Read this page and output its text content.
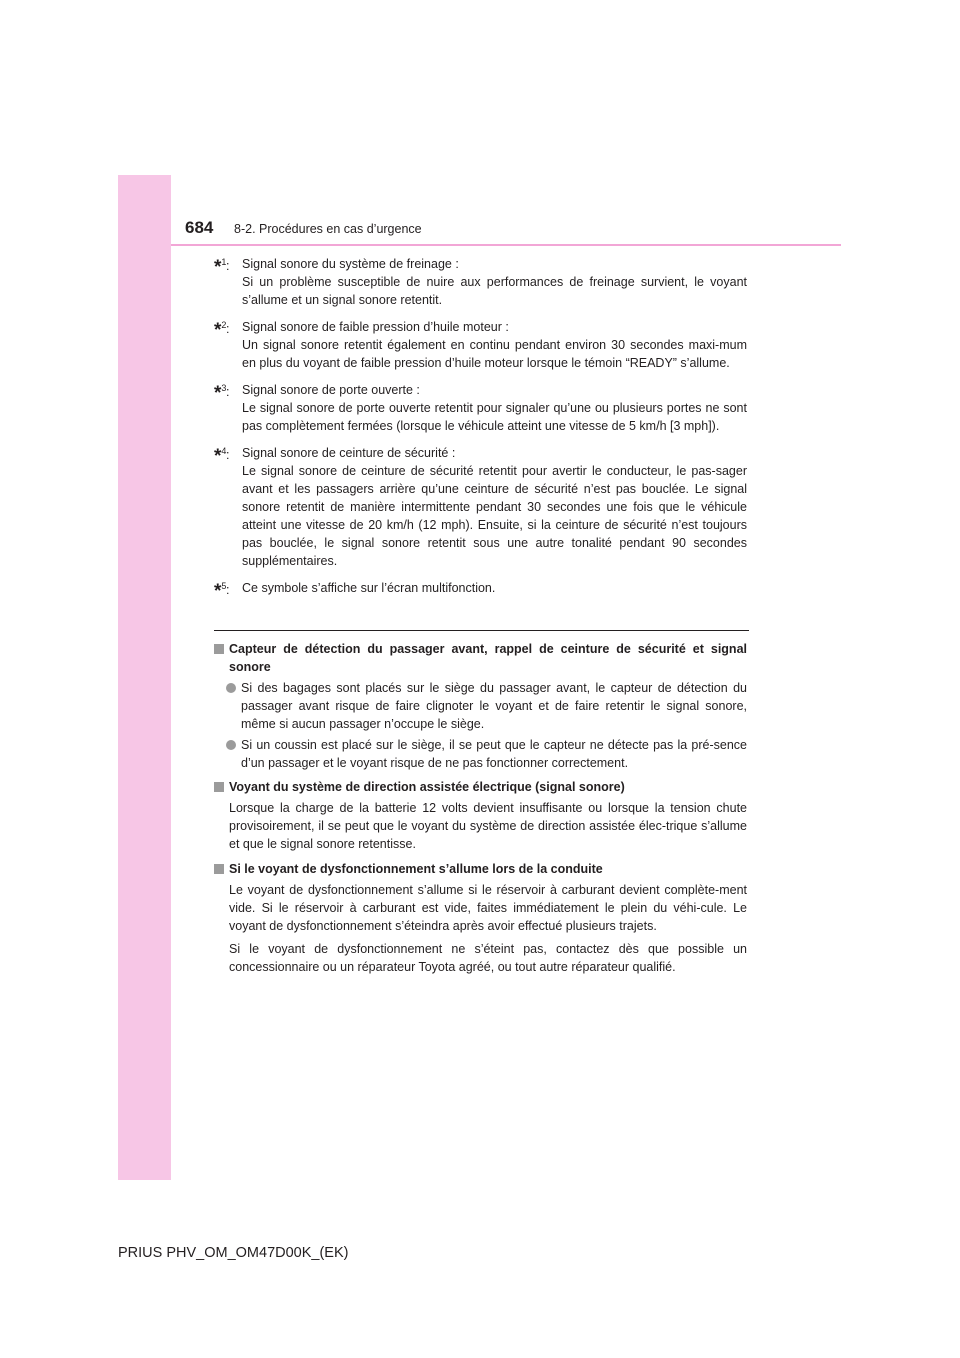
684 8-2. Procédures en cas d’urgence
*$^1$ : Signal sonore du système de freinage :
Si un problème susceptible de nuire aux performances de freinage survient, le voyant s’allume et un signal sonore retentit.
*$^2$ : Signal sonore de faible pression d’huile moteur :
Un signal sonore retentit également en continu pendant environ 30 secondes maxi-mum en plus du voyant de faible pression d’huile moteur lorsque le témoin “READY” s’allume.
*$^3$ : Signal sonore de porte ouverte :
Le signal sonore de porte ouverte retentit pour signaler qu’une ou plusieurs portes ne sont pas complètement fermées (lorsque le véhicule atteint une vitesse de 5 km/h [3 mph]).
*$^4$ : Signal sonore de ceinture de sécurité :
Le signal sonore de ceinture de sécurité retentit pour avertir le conducteur, le pas-sager avant et les passagers arrière qu’une ceinture de sécurité n’est pas bouclée. Le signal sonore retentit de manière intermittente pendant 30 secondes une fois que le véhicule atteint une vitesse de 20 km/h (12 mph). Ensuite, si la ceinture de sécurité n’est toujours pas bouclée, le signal sonore retentit sous une autre tonalité pendant 90 secondes supplémentaires.
*$^5$ : Ce symbole s’affiche sur l’écran multifonction.
Capteur de détection du passager avant, rappel de ceinture de sécurité et signal sonore
Si des bagages sont placés sur le siège du passager avant, le capteur de détection du passager avant risque de faire clignoter le voyant et de faire retentir le signal sonore, même si aucun passager n’occupe le siège.
Si un coussin est placé sur le siège, il se peut que le capteur ne détecte pas la pré-sence d’un passager et le voyant risque de ne pas fonctionner correctement.
Voyant du système de direction assistée électrique (signal sonore)
Lorsque la charge de la batterie 12 volts devient insuffisante ou lorsque la tension chute provisoirement, il se peut que le voyant du système de direction assistée élec-trique s’allume et que le signal sonore retentisse.
Si le voyant de dysfonctionnement s’allume lors de la conduite
Le voyant de dysfonctionnement s’allume si le réservoir à carburant devient complète-ment vide. Si le réservoir à carburant est vide, faites immédiatement le plein du véhi-cule. Le voyant de dysfonctionnement s’éteindra après avoir effectué plusieurs trajets.
Si le voyant de dysfonctionnement ne s’éteint pas, contactez dès que possible un concessionnaire ou un réparateur Toyota agréé, ou tout autre réparateur qualifié.
PRIUS PHV_OM_OM47D00K_(EK)
